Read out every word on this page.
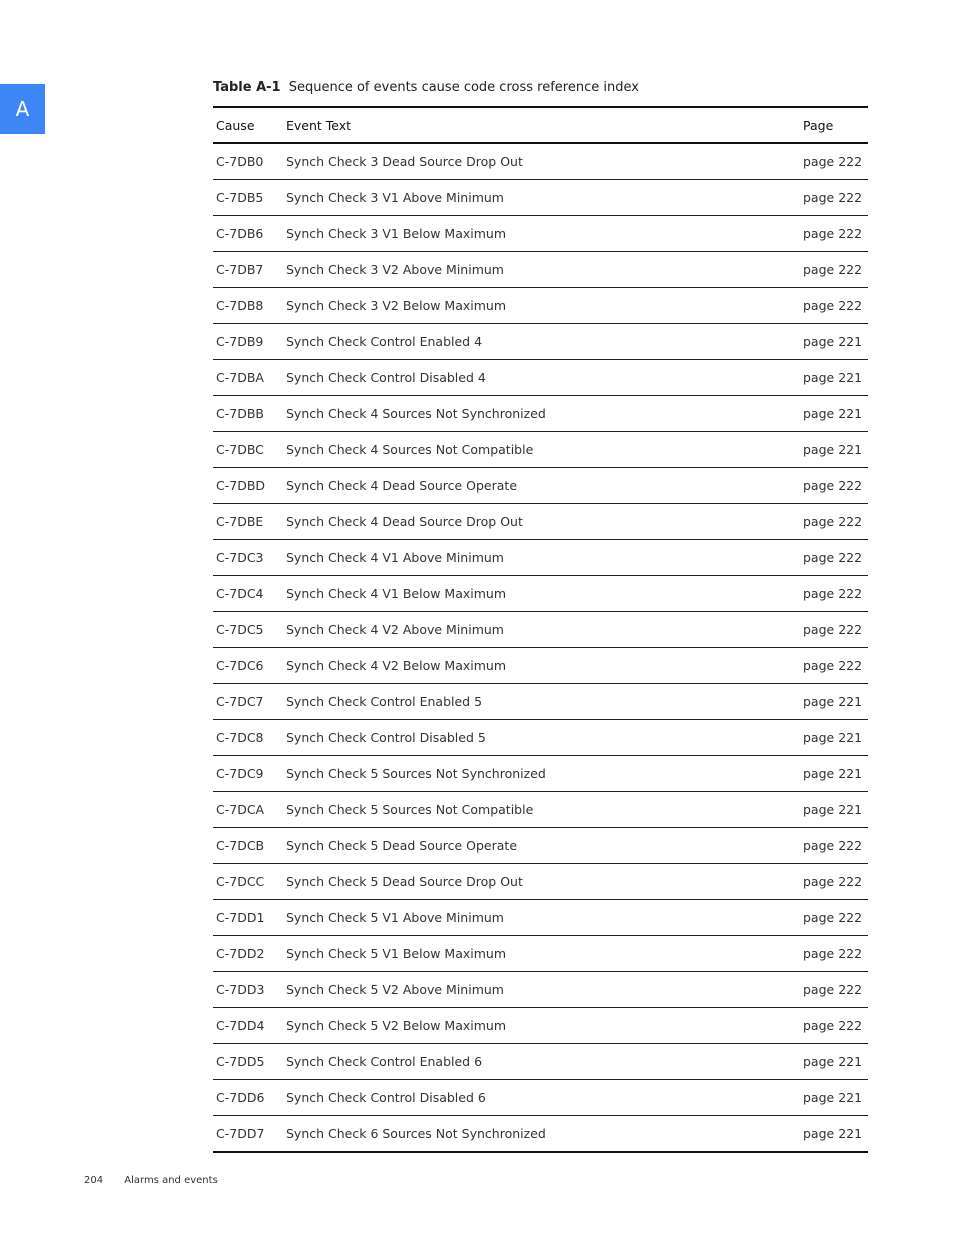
A
Table A-1 Sequence of events cause code cross reference index
Cause	Event Text	Page
C-7DB0	Synch Check 3 Dead Source Drop Out	page 222
C-7DB5	Synch Check 3 V1 Above Minimum	page 222
C-7DB6	Synch Check 3 V1 Below Maximum	page 222
C-7DB7	Synch Check 3 V2 Above Minimum	page 222
C-7DB8	Synch Check 3 V2 Below Maximum	page 222
C-7DB9	Synch Check Control Enabled 4	page 221
C-7DBA	Synch Check Control Disabled 4	page 221
C-7DBB	Synch Check 4 Sources Not Synchronized	page 221
C-7DBC	Synch Check 4 Sources Not Compatible	page 221
C-7DBD	Synch Check 4 Dead Source Operate	page 222
C-7DBE	Synch Check 4 Dead Source Drop Out	page 222
C-7DC3	Synch Check 4 V1 Above Minimum	page 222
C-7DC4	Synch Check 4 V1 Below Maximum	page 222
C-7DC5	Synch Check 4 V2 Above Minimum	page 222
C-7DC6	Synch Check 4 V2 Below Maximum	page 222
C-7DC7	Synch Check Control Enabled 5	page 221
C-7DC8	Synch Check Control Disabled 5	page 221
C-7DC9	Synch Check 5 Sources Not Synchronized	page 221
C-7DCA	Synch Check 5 Sources Not Compatible	page 221
C-7DCB	Synch Check 5 Dead Source Operate	page 222
C-7DCC	Synch Check 5 Dead Source Drop Out	page 222
C-7DD1	Synch Check 5 V1 Above Minimum	page 222
C-7DD2	Synch Check 5 V1 Below Maximum	page 222
C-7DD3	Synch Check 5 V2 Above Minimum	page 222
C-7DD4	Synch Check 5 V2 Below Maximum	page 222
C-7DD5	Synch Check Control Enabled 6	page 221
C-7DD6	Synch Check Control Disabled 6	page 221
C-7DD7	Synch Check 6 Sources Not Synchronized	page 221
204 Alarms and events
